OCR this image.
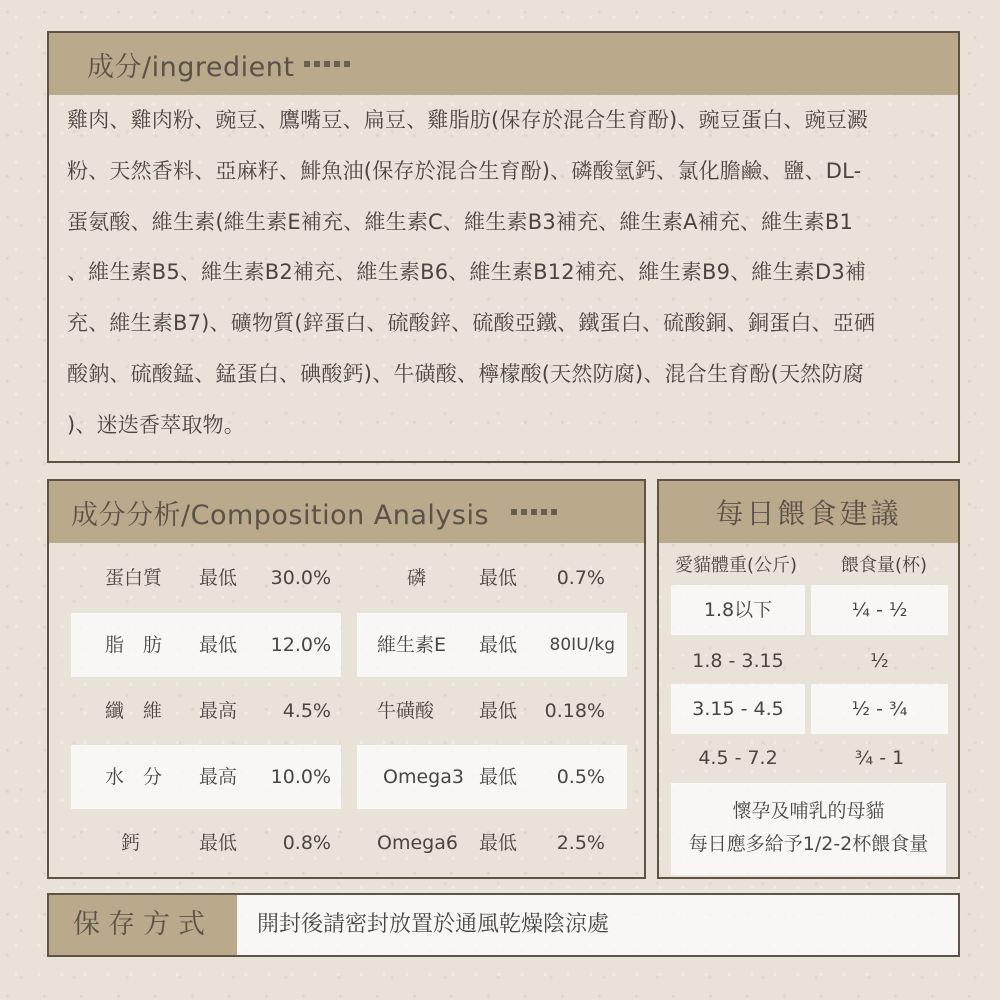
成分/ingredient
雞肉、雞肉粉、豌豆、鷹嘴豆、扁豆、雞脂肪(保存於混合生育酚)、豌豆蛋白、豌豆澱
粉、天然香料、亞麻籽、鯡魚油(保存於混合生育酚)、磷酸氫鈣、氯化膽鹼、鹽、DL-
蛋氨酸、維生素(維生素E補充、維生素C、維生素B3補充、維生素A補充、維生素B1
、維生素B5、維生素B2補充、維生素B6、維生素B12補充、維生素B9、維生素D3補
充、維生素B7)、礦物質(鋅蛋白、硫酸鋅、硫酸亞鐵、鐵蛋白、硫酸銅、銅蛋白、亞硒
酸鈉、硫酸錳、錳蛋白、碘酸鈣)、牛磺酸、檸檬酸(天然防腐)、混合生育酚(天然防腐
)、迷迭香萃取物。
成分分析/Composition Analysis
蛋白質 最低 30.0%	磷	最低 0.7%
脂　肪 最低 12.0% 維生素E 最低 80IU/kg
纖　維 最高 4.5% 牛磺酸 最低 0.18%
水　分 最高 10.0%	Omega3 最低 0.5%
鈣	最低 0.8% Omega6 最低 2.5%
每日餵食建議
愛貓體重(公斤) 餵食量(杯)
1.8以下	¼ - ½
1.8 - 3.15	½
3.15 - 4.5	½ - ¾
4.5 - 7.2	¾ - 1
懷孕及哺乳的母貓
每日應多給予1/2-2杯餵食量
保存方式	開封後請密封放置於通風乾燥陰涼處
